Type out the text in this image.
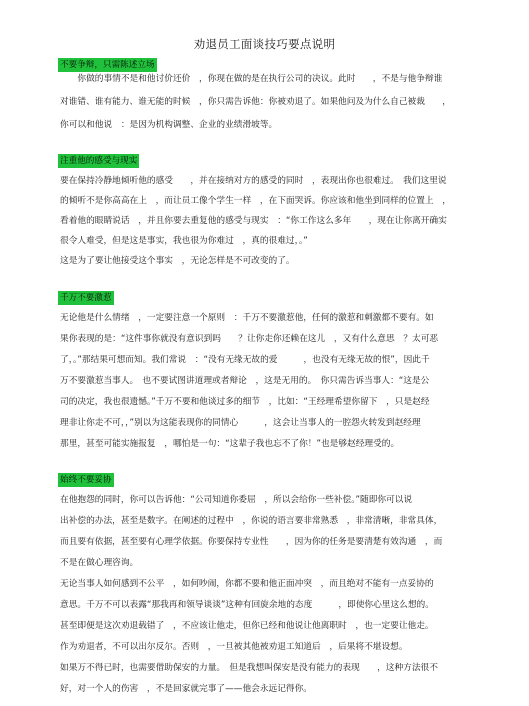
劝退员工面谈技巧要点说明
不要争辩，只需陈述立场
　　你做的事情不是和他讨价还价　，你现在做的是在执行公司的决议。此时　　，不是与他争辩谁
对谁错、谁有能力、谁无能的时候　，你只需告诉他：你被劝退了。如果他问及为什么自己被裁　　，
你可以和他说　：是因为机构调整、企业的业绩滑坡等。
注重他的感受与现实
要在保持冷静地倾听他的感受　　，并在接纳对方的感受的同时　，表现出你也很难过。　我们这里说
的倾听不是你高高在上　，而让员工像个学生一样　，在下面哭诉。你应该和他坐到同样的位置上　，
看着他的眼睛说话　，并且你要去重复他的感受与现实　：“你工作这么多年　　，现在让你离开确实
很令人难受，但是这是事实，我也很为你难过　，真的很难过，。”
这是为了要让他接受这个事实　，无论怎样是不可改变的了。
千万不要激惹
无论他是什么情绪　，一定要注意一个原则　：千万不要激惹他，任何的激惹和刺激都不要有。如
果你表现的是：“这件事你就没有意识到吗　　？让你走你还赖在这儿　，又有什么意思　？太可恶
了，。”那结果可想而知。我们常说　：“没有无缘无故的爱　　　，也没有无缘无故的恨”，因此千
万不要激惹当事人。　也不要试图讲道理或者辩论　，这是无用的。　你只需告诉当事人：“这是公
司的决定，我也很遗憾。”千万不要和他谈过多的细节　，比如：“王经理希望你留下　，只是赵经
理非让你走不可，，”别以为这能表现你的同情心　　　，这会让当事人的一腔怨火转发到赵经理
那里，甚至可能实施报复　，哪怕是一句：“这辈子我也忘不了你！”也是够赵经理受的。
始终不要妥协
在他抱怨的同时，你可以告诉他：“公司知道你委屈　，所以会给你一些补偿。”随即你可以说
出补偿的办法，甚至是数字。在阐述的过程中　，你说的语言要非常熟悉　，非常清晰，非常具体，
而且要有依据，甚至要有心理学依据。你要保持专业性　　，因为你的任务是要清楚有效沟通　，而
不是在做心理咨询。
无论当事人如何感到不公平　，如何吵闹，你都不要和他正面冲突　，而且绝对不能有一点妥协的
意思。千万不可以表露“那我再和领导谈谈”这种有回旋余地的态度　　　，即使你心里这么想的。
甚至即便是这次劝退载错了　，不应该让他走，但你已经和他说让他离职时　，也一定要让他走。
作为劝退者，不可以出尔反尔。否则　，一旦被其他被劝退工知道后　，后果将不堪设想。
如果万不得已时，也需要借助保安的力量。　但是我想叫保安是没有能力的表现　　，这种方法很不
好，对一个人的伤害　，不是回家就完事了——他会永远记得你。
